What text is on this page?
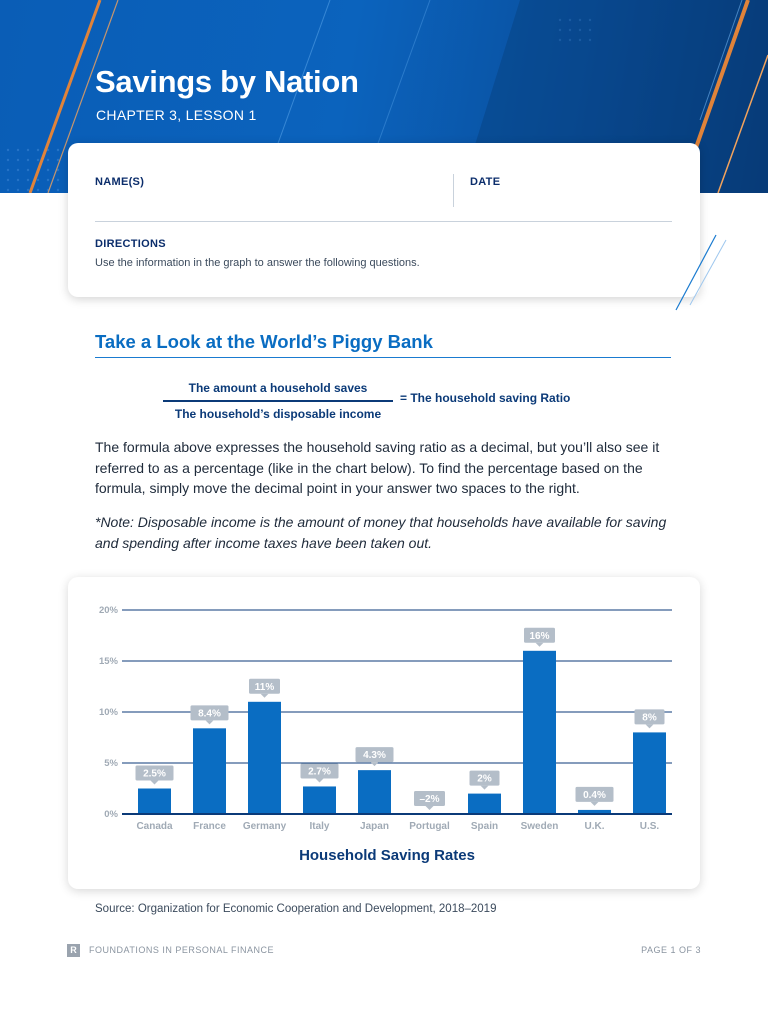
Savings by Nation
CHAPTER 3, LESSON 1
NAME(S)	DATE
DIRECTIONS
Use the information in the graph to answer the following questions.
Take a Look at the World’s Piggy Bank
The amount a household saves
The household’s disposable income
= The household saving Ratio
The formula above expresses the household saving ratio as a decimal, but you’ll also see it referred to as a percentage (like in the chart below). To find the percentage based on the formula, simply move the decimal point in your answer two spaces to the right.
*Note: Disposable income is the amount of money that households have available for saving and spending after income taxes have been taken out.
20%
15%
10%
5%
0%
2.5%
Canada
8.4%
France
11%
Germany
2.7%
Italy
4.3%
Japan
–2%
Portugal
2%
Spain
16%
Sweden
0.4%
U.K.
8%
U.S.
Household Saving Rates
Source: Organization for Economic Cooperation and Development, 2018–2019
R	FOUNDATIONS IN PERSONAL FINANCE	PAGE 1 OF 3
